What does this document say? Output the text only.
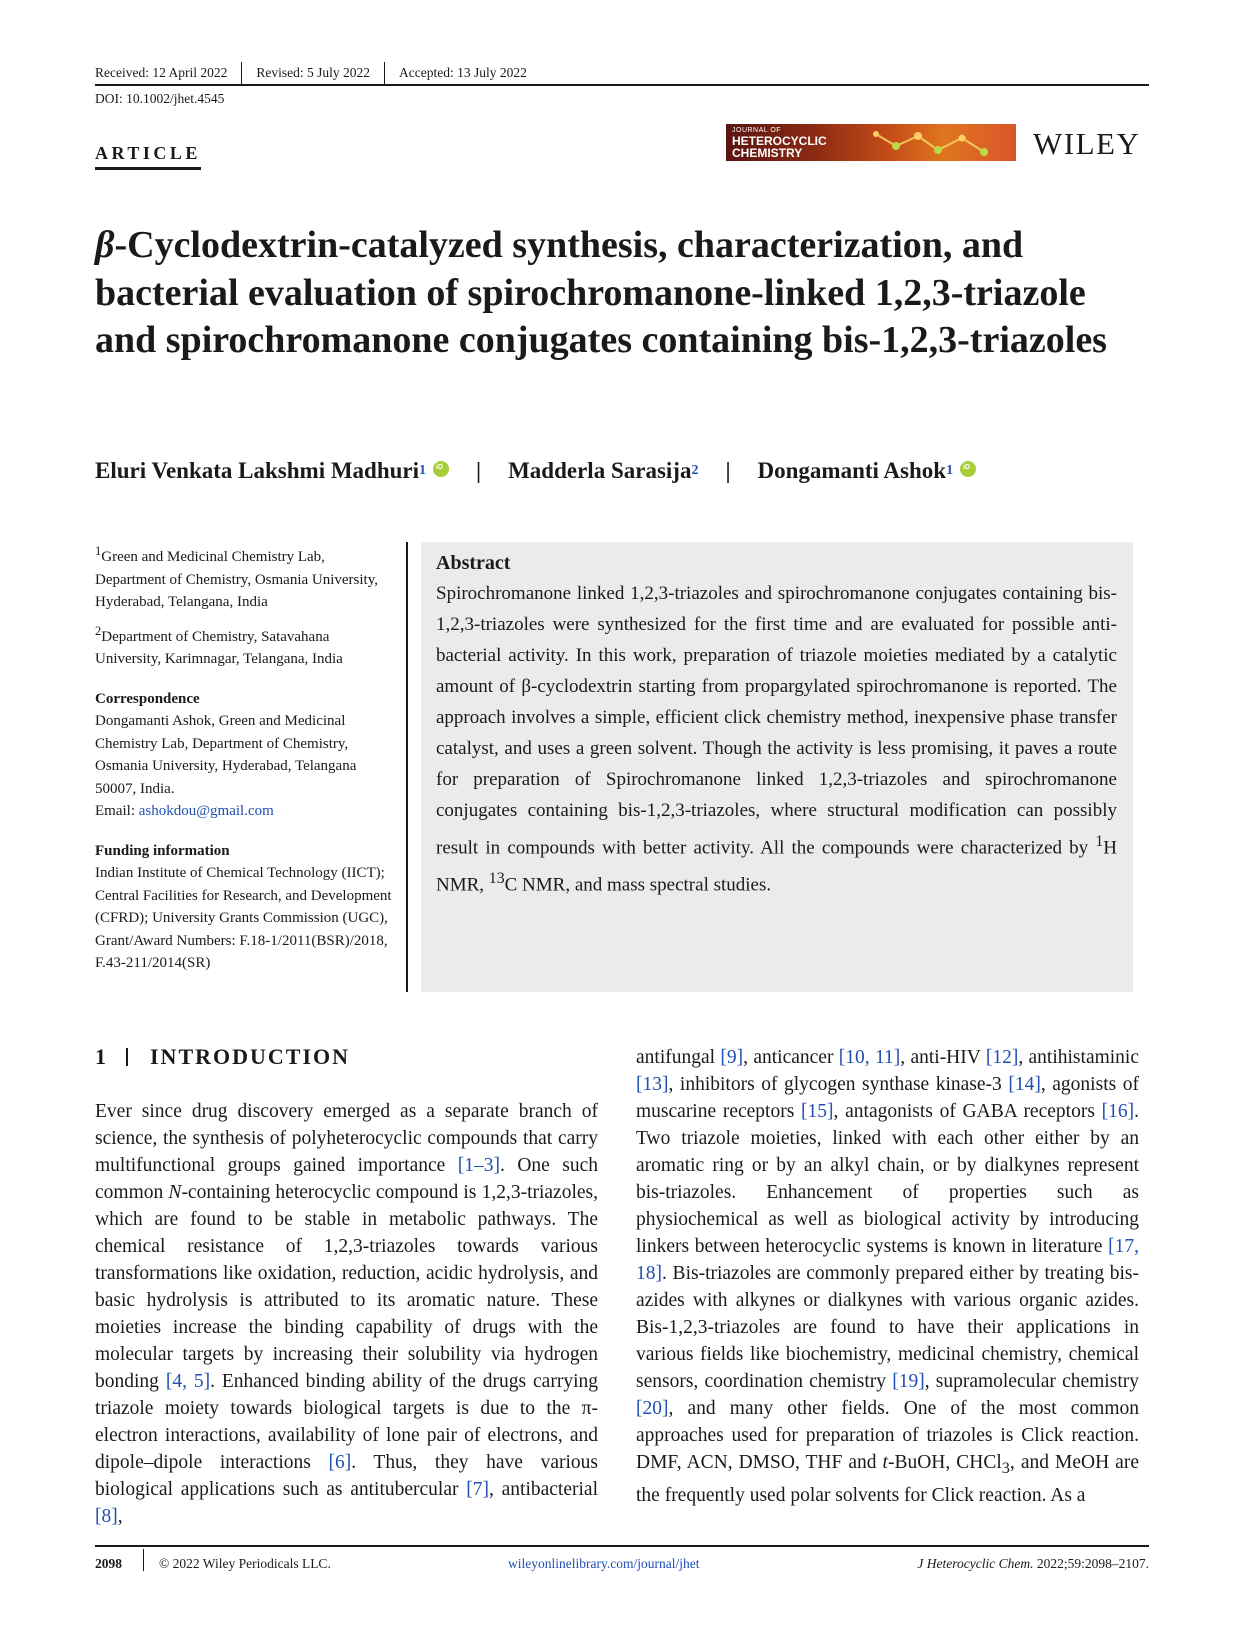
Received: 12 April 2022	Revised: 5 July 2022	Accepted: 13 July 2022
DOI: 10.1002/jhet.4545
ARTICLE
JOURNAL OF
HETEROCYCLIC
CHEMISTRY	WILEY
β-Cyclodextrin-catalyzed synthesis, characterization, and bacterial evaluation of spirochromanone-linked 1,2,3-triazole and spirochromanone conjugates containing bis-1,2,3-triazoles
Eluri Venkata Lakshmi Madhuri 1
iD | Madderla Sarasija 2 | Dongamanti Ashok 1
iD

$^1$Green and Medicinal Chemistry Lab, Department of Chemistry, Osmania University, Hyderabad, Telangana, India

$^2$Department of Chemistry, Satavahana University, Karimnagar, Telangana, India

Correspondence

Dongamanti Ashok, Green and Medicinal Chemistry Lab, Department of Chemistry, Osmania University, Hyderabad, Telangana 50007, India.
Email: ashokdou@gmail.com

Funding information

Indian Institute of Chemical Technology (IICT); Central Facilities for Research, and Development (CFRD); University Grants Commission (UGC), Grant/Award Numbers: F.18-1/2011(BSR)/2018, F.43-211/2014(SR)

Abstract

Spirochromanone linked 1,2,3-triazoles and spirochromanone conjugates containing bis-1,2,3-triazoles were synthesized for the first time and are evaluated for possible anti-bacterial activity. In this work, preparation of triazole moieties mediated by a catalytic amount of β-cyclodextrin starting from propargylated spirochromanone is reported. The approach involves a simple, efficient click chemistry method, inexpensive phase transfer catalyst, and uses a green solvent. Though the activity is less promising, it paves a route for preparation of Spirochromanone linked 1,2,3-triazoles and spirochromanone conjugates containing bis-1,2,3-triazoles, where structural modification can possibly result in compounds with better activity. All the compounds were characterized by $^1$H NMR, $^{13}$C NMR, and mass spectral studies.

1 INTRODUCTION

Ever since drug discovery emerged as a separate branch of science, the synthesis of polyheterocyclic compounds that carry multifunctional groups gained importance [1–3]. One such common N-containing heterocyclic compound is 1,2,3-triazoles, which are found to be stable in metabolic pathways. The chemical resistance of 1,2,3-triazoles towards various transformations like oxidation, reduction, acidic hydrolysis, and basic hydrolysis is attributed to its aromatic nature. These moieties increase the binding capability of drugs with the molecular targets by increasing their solubility via hydrogen bonding [4, 5]. Enhanced binding ability of the drugs carrying triazole moiety towards biological targets is due to the π-electron interactions, availability of lone pair of electrons, and dipole–dipole interactions [6]. Thus, they have various biological applications such as antitubercular [7], antibacterial [8],

antifungal [9], anticancer [10, 11], anti-HIV [12], antihistaminic [13], inhibitors of glycogen synthase kinase-3 [14], agonists of muscarine receptors [15], antagonists of GABA receptors [16]. Two triazole moieties, linked with each other either by an aromatic ring or by an alkyl chain, or by dialkynes represent bis-triazoles. Enhancement of properties such as physiochemical as well as biological activity by introducing linkers between heterocyclic systems is known in literature [17, 18]. Bis-triazoles are commonly prepared either by treating bis-azides with alkynes or dialkynes with various organic azides. Bis-1,2,3-triazoles are found to have their applications in various fields like biochemistry, medicinal chemistry, chemical sensors, coordination chemistry [19], supramolecular chemistry [20], and many other fields. One of the most common approaches used for preparation of triazoles is Click reaction. DMF, ACN, DMSO, THF and t-BuOH, CHCl$_3$, and MeOH are the frequently used polar solvents for Click reaction. As a

2098	© 2022 Wiley Periodicals LLC.	wileyonlinelibrary.com/journal/jhet	J Heterocyclic Chem. 2022;59:2098–2107.
